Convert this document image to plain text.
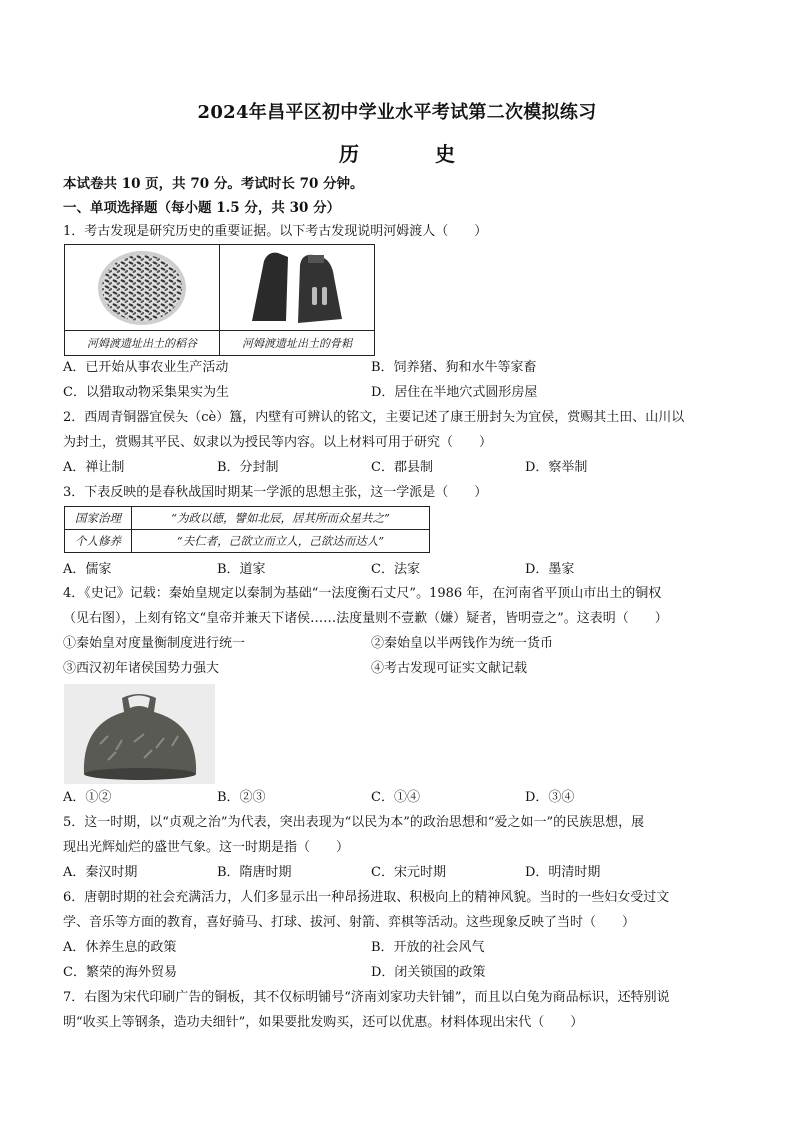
2024年昌平区初中学业水平考试第二次模拟练习
历　史
本试卷共 10 页，共 70 分。考试时长 70 分钟。
一、单项选择题（每小题 1.5 分，共 30 分）
1．考古发现是研究历史的重要证据。以下考古发现说明河姆渡人（　　）
河姆渡遗址出土的稻谷	河姆渡遗址出土的骨耜
A．已开始从事农业生产活动	B．饲养猪、狗和水牛等家畜
C．以猎取动物采集果实为生	D．居住在半地穴式圆形房屋
2．西周青铜器宜侯夨（cè）簋，内壁有可辨认的铭文，主要记述了康王册封夨为宜侯，赏赐其土田、山川以
为封土，赏赐其平民、奴隶以为授民等内容。以上材料可用于研究（　　）
A．禅让制	B．分封制	C．郡县制	D．察举制
3．下表反映的是春秋战国时期某一学派的思想主张，这一学派是（　　）
国家治理	“为政以德，譬如北辰，居其所而众星共之”
个人修养	“夫仁者，己欲立而立人，己欲达而达人”
A．儒家	B．道家	C．法家	D．墨家
4．《史记》记载：秦始皇规定以秦制为基础“一法度衡石丈尺”。1986 年，在河南省平顶山市出土的铜权
（见右图），上刻有铭文“皇帝并兼天下诸侯……法度量则不壹歉（嫌）疑者，皆明壹之”。这表明（　　）
①秦始皇对度量衡制度进行统一	②秦始皇以半两钱作为统一货币
③西汉初年诸侯国势力强大	④考古发现可证实文献记载
A．①②	B．②③	C．①④	D．③④
5．这一时期，以“贞观之治”为代表，突出表现为“以民为本”的政治思想和“爱之如一”的民族思想，展
现出光辉灿烂的盛世气象。这一时期是指（　　）
A．秦汉时期	B．隋唐时期	C．宋元时期	D．明清时期
6．唐朝时期的社会充满活力，人们多显示出一种昂扬进取、积极向上的精神风貌。当时的一些妇女受过文
学、音乐等方面的教育，喜好骑马、打球、拔河、射箭、弈棋等活动。这些现象反映了当时（　　）
A．休养生息的政策	B．开放的社会风气
C．繁荣的海外贸易	D．闭关锁国的政策
7．右图为宋代印刷广告的铜板，其不仅标明铺号“济南刘家功夫针铺”，而且以白兔为商品标识，还特别说
明“收买上等钢条，造功夫细针”，如果要批发购买，还可以优惠。材料体现出宋代（　　）
